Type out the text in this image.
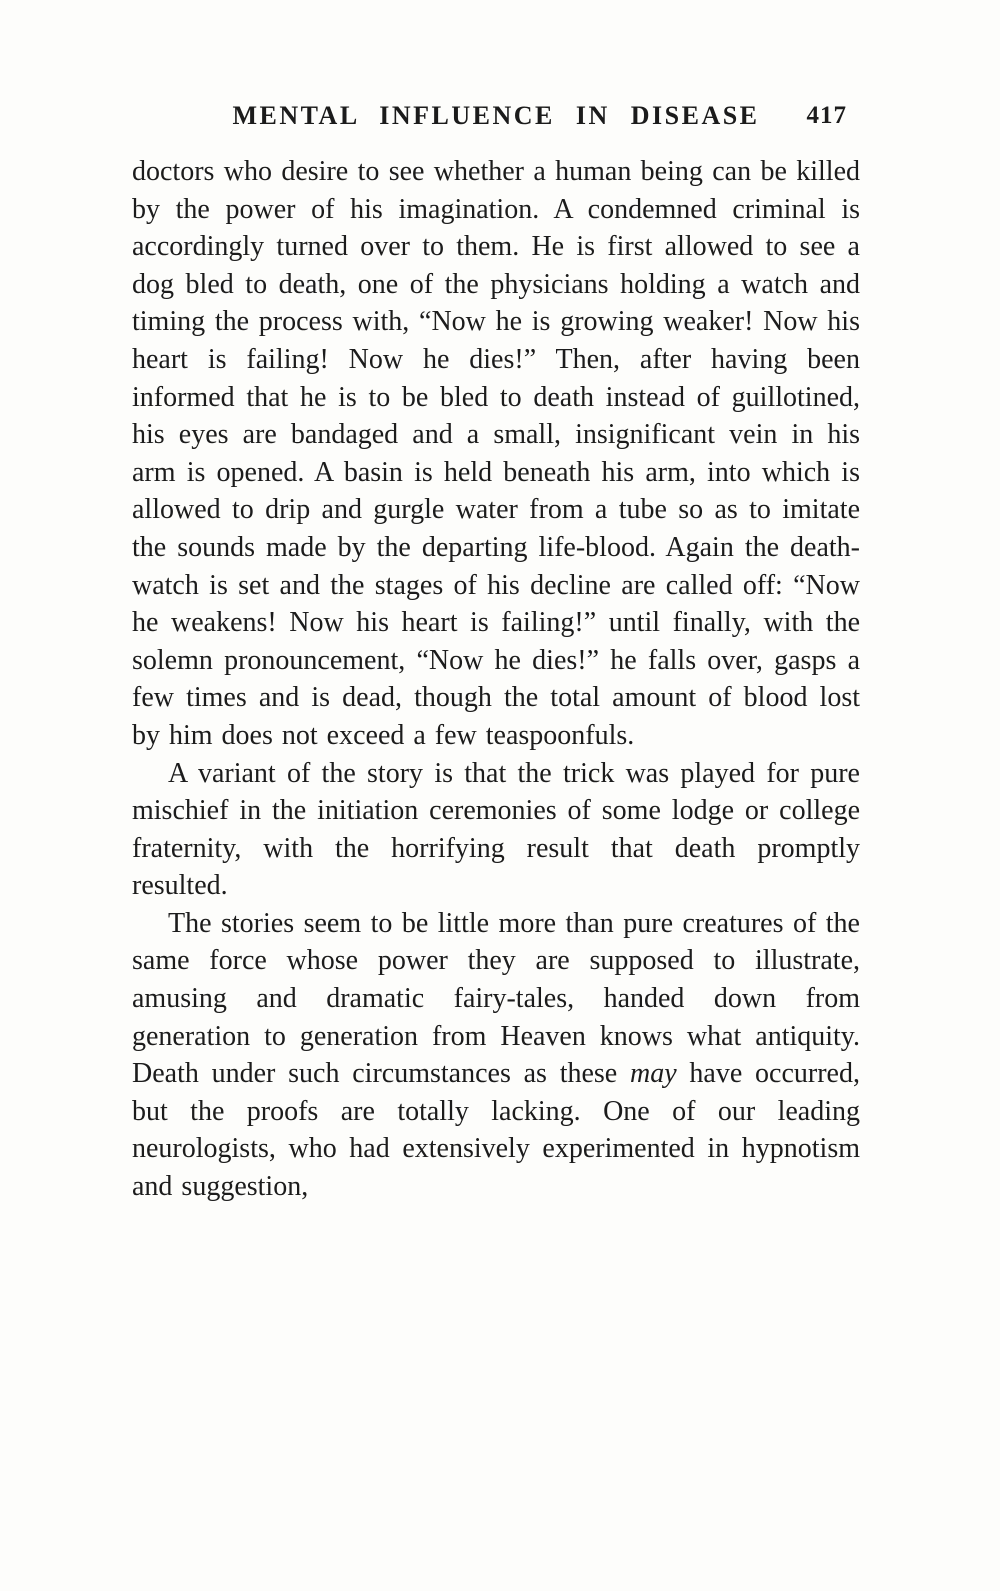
MENTAL INFLUENCE IN DISEASE	417

doctors who desire to see whether a human being can be killed by the power of his imagination. A condemned criminal is accordingly turned over to them. He is first allowed to see a dog bled to death, one of the physicians holding a watch and timing the process with, “Now he is growing weaker! Now his heart is failing! Now he dies!” Then, after having been informed that he is to be bled to death instead of guillotined, his eyes are bandaged and a small, insignificant vein in his arm is opened. A basin is held beneath his arm, into which is allowed to drip and gurgle water from a tube so as to imitate the sounds made by the departing life-blood. Again the death-watch is set and the stages of his decline are called off: “Now he weakens! Now his heart is failing!” until finally, with the solemn pronouncement, “Now he dies!” he falls over, gasps a few times and is dead, though the total amount of blood lost by him does not exceed a few teaspoonfuls.

A variant of the story is that the trick was played for pure mischief in the initiation ceremonies of some lodge or college fraternity, with the horrifying result that death promptly resulted.

The stories seem to be little more than pure creatures of the same force whose power they are supposed to illustrate, amusing and dramatic fairy-tales, handed down from generation to generation from Heaven knows what antiquity. Death under such circumstances as these may have occurred, but the proofs are totally lacking. One of our leading neurologists, who had extensively experimented in hypnotism and suggestion,
